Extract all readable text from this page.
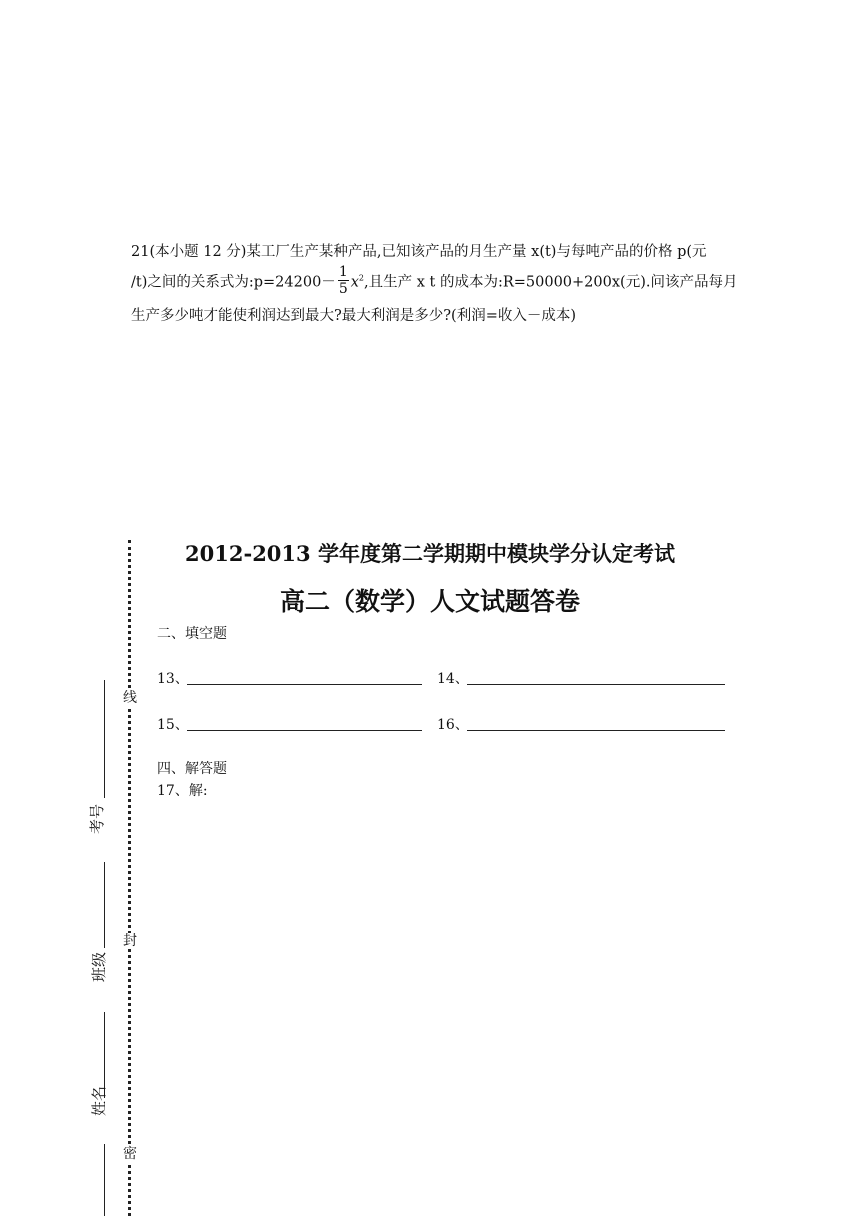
21(本小题 12 分)某工厂生产某种产品,已知该产品的月生产量 x(t)与每吨产品的价格 p(元
/t)之间的关系式为:p=24200－ $\frac{1}{5} x^2$,且生产 x t 的成本为:R=50000+200x(元).问该产品每月
生产多少吨才能使利润达到最大?最大利润是多少?(利润=收入－成本)
线
封
密
考号
班级
姓名
2012-2013 学年度第二学期期中模块学分认定考试
高二（数学）人文试题答卷
二、填空题
13、	14、
15、	16、
四、解答题
17、解:
